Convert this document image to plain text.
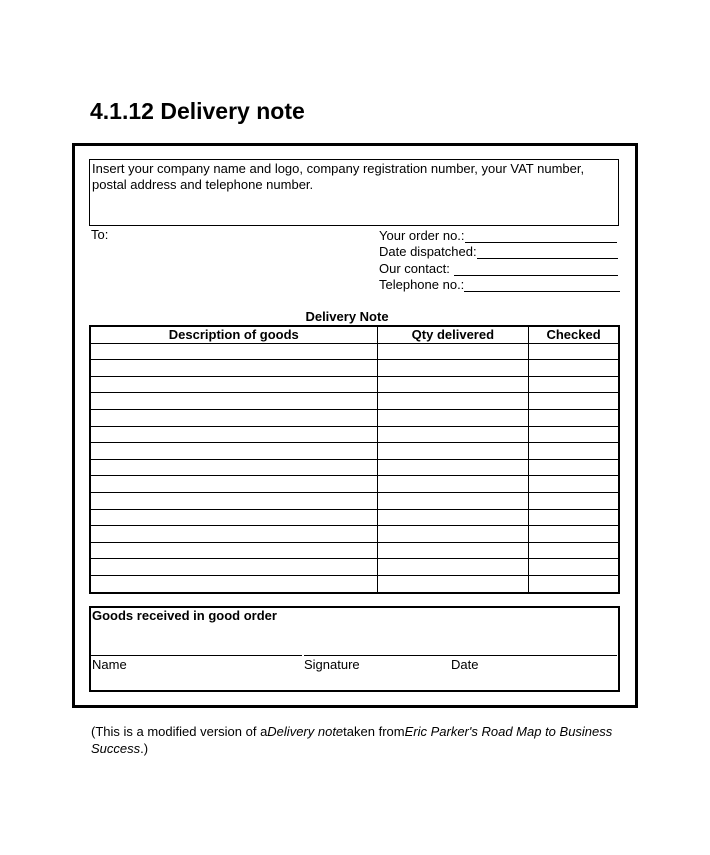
4.1.12 Delivery note
Insert your company name and logo, company registration number, your VAT number, postal address and telephone number.
To:	Your order no.:
Date dispatched:
Our contact:
Telephone no.:
Delivery Note
Description of goods	Qty delivered	Checked

Goods received in good order
Name	Signature	Date
(This is a modified version of aDelivery notetaken fromEric Parker's Road Map to Business Success.)
